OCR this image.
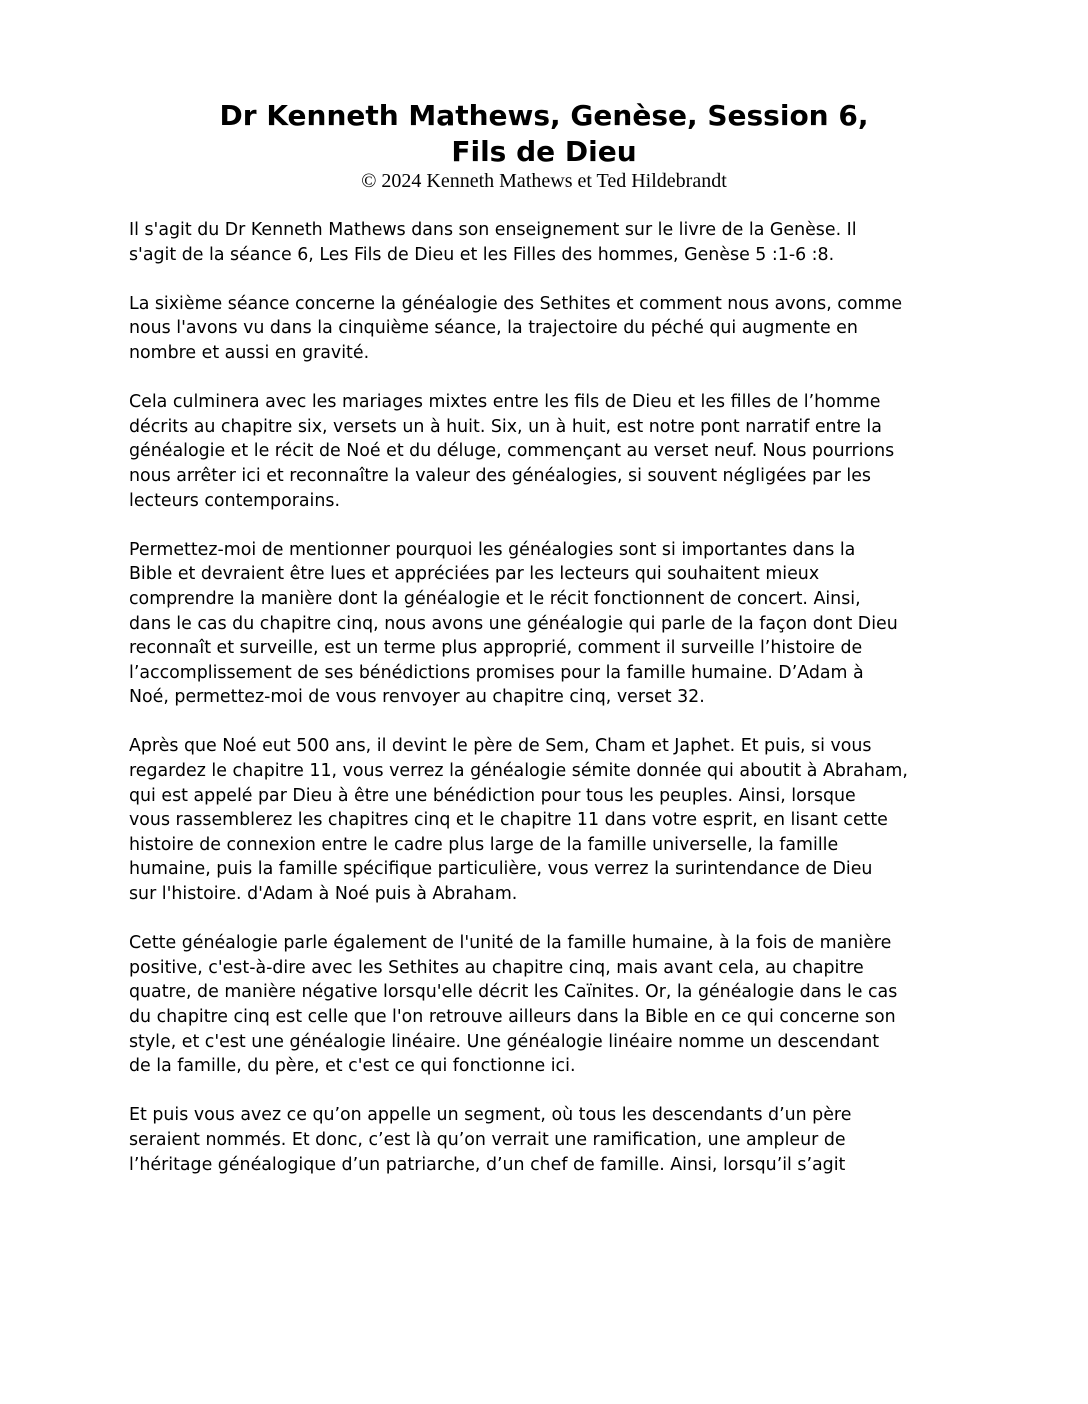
Dr Kenneth Mathews, Genèse, Session 6,

Fils de Dieu

© 2024 Kenneth Mathews et Ted Hildebrandt

Il s'agit du Dr Kenneth Mathews dans son enseignement sur le livre de la Genèse. Il
s'agit de la séance 6, Les Fils de Dieu et les Filles des hommes, Genèse 5 :1-6 :8.

La sixième séance concerne la généalogie des Sethites et comment nous avons, comme
nous l'avons vu dans la cinquième séance, la trajectoire du péché qui augmente en
nombre et aussi en gravité.

Cela culminera avec les mariages mixtes entre les fils de Dieu et les filles de l’homme
décrits au chapitre six, versets un à huit. Six, un à huit, est notre pont narratif entre la
généalogie et le récit de Noé et du déluge, commençant au verset neuf. Nous pourrions
nous arrêter ici et reconnaître la valeur des généalogies, si souvent négligées par les
lecteurs contemporains.

Permettez-moi de mentionner pourquoi les généalogies sont si importantes dans la
Bible et devraient être lues et appréciées par les lecteurs qui souhaitent mieux
comprendre la manière dont la généalogie et le récit fonctionnent de concert. Ainsi,
dans le cas du chapitre cinq, nous avons une généalogie qui parle de la façon dont Dieu
reconnaît et surveille, est un terme plus approprié, comment il surveille l’histoire de
l’accomplissement de ses bénédictions promises pour la famille humaine. D’Adam à
Noé, permettez-moi de vous renvoyer au chapitre cinq, verset 32.

Après que Noé eut 500 ans, il devint le père de Sem, Cham et Japhet. Et puis, si vous
regardez le chapitre 11, vous verrez la généalogie sémite donnée qui aboutit à Abraham,
qui est appelé par Dieu à être une bénédiction pour tous les peuples. Ainsi, lorsque
vous rassemblerez les chapitres cinq et le chapitre 11 dans votre esprit, en lisant cette
histoire de connexion entre le cadre plus large de la famille universelle, la famille
humaine, puis la famille spécifique particulière, vous verrez la surintendance de Dieu
sur l'histoire. d'Adam à Noé puis à Abraham.

Cette généalogie parle également de l'unité de la famille humaine, à la fois de manière
positive, c'est-à-dire avec les Sethites au chapitre cinq, mais avant cela, au chapitre
quatre, de manière négative lorsqu'elle décrit les Caïnites. Or, la généalogie dans le cas
du chapitre cinq est celle que l'on retrouve ailleurs dans la Bible en ce qui concerne son
style, et c'est une généalogie linéaire. Une généalogie linéaire nomme un descendant
de la famille, du père, et c'est ce qui fonctionne ici.

Et puis vous avez ce qu’on appelle un segment, où tous les descendants d’un père
seraient nommés. Et donc, c’est là qu’on verrait une ramification, une ampleur de
l’héritage généalogique d’un patriarche, d’un chef de famille. Ainsi, lorsqu’il s’agit
